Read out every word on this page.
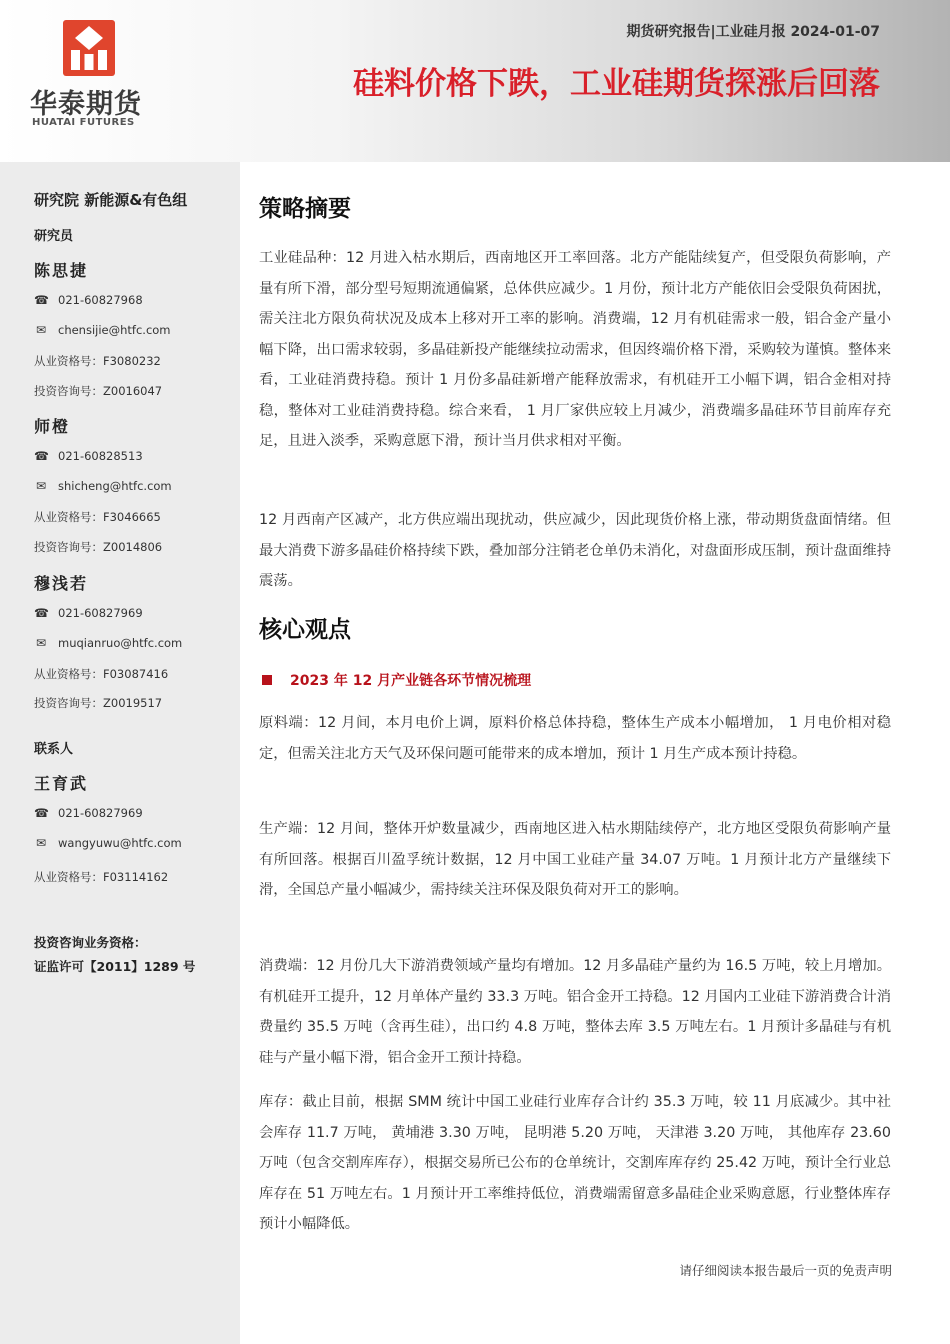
华泰期货
HUATAI FUTURES
期货研究报告|工业硅月报 2024-01-07
硅料价格下跌，工业硅期货探涨后回落
研究院 新能源&有色组
研究员
陈思捷
☎ 021-60827968
✉ chensijie@htfc.com
从业资格号：F3080232
投资咨询号：Z0016047
师橙
☎ 021-60828513
✉ shicheng@htfc.com
从业资格号：F3046665
投资咨询号：Z0014806
穆浅若
☎ 021-60827969
✉ muqianruo@htfc.com
从业资格号：F03087416
投资咨询号：Z0019517
联系人
王育武
☎ 021-60827969
✉ wangyuwu@htfc.com
从业资格号：F03114162
投资咨询业务资格：
证监许可【2011】1289 号
策略摘要

工业硅品种：12 月进入枯水期后，西南地区开工率回落。北方产能陆续复产，但受限负荷影响，产量有所下滑，部分型号短期流通偏紧，总体供应减少。1 月份，预计北方产能依旧会受限负荷困扰，需关注北方限负荷状况及成本上移对开工率的影响。消费端，12 月有机硅需求一般，铝合金产量小幅下降，出口需求较弱，多晶硅新投产能继续拉动需求，但因终端价格下滑，采购较为谨慎。整体来看，工业硅消费持稳。预计 1 月份多晶硅新增产能释放需求，有机硅开工小幅下调，铝合金相对持稳，整体对工业硅消费持稳。综合来看， 1 月厂家供应较上月减少，消费端多晶硅环节目前库存充足，且进入淡季，采购意愿下滑，预计当月供求相对平衡。

12 月西南产区减产，北方供应端出现扰动，供应减少，因此现货价格上涨，带动期货盘面情绪。但最大消费下游多晶硅价格持续下跌，叠加部分注销老仓单仍未消化，对盘面形成压制，预计盘面维持震荡。

核心观点
2023 年 12 月产业链各环节情况梳理

原料端：12 月间，本月电价上调，原料价格总体持稳，整体生产成本小幅增加， 1 月电价相对稳定，但需关注北方天气及环保问题可能带来的成本增加，预计 1 月生产成本预计持稳。

生产端：12 月间，整体开炉数量减少，西南地区进入枯水期陆续停产，北方地区受限负荷影响产量有所回落。根据百川盈孚统计数据，12 月中国工业硅产量 34.07 万吨。1 月预计北方产量继续下滑，全国总产量小幅减少，需持续关注环保及限负荷对开工的影响。

消费端：12 月份几大下游消费领域产量均有增加。12 月多晶硅产量约为 16.5 万吨，较上月增加。有机硅开工提升，12 月单体产量约 33.3 万吨。铝合金开工持稳。12 月国内工业硅下游消费合计消费量约 35.5 万吨（含再生硅），出口约 4.8 万吨，整体去库 3.5 万吨左右。1 月预计多晶硅与有机硅与产量小幅下滑，铝合金开工预计持稳。

库存：截止目前，根据 SMM 统计中国工业硅行业库存合计约 35.3 万吨，较 11 月底减少。其中社会库存 11.7 万吨， 黄埔港 3.30 万吨， 昆明港 5.20 万吨， 天津港 3.20 万吨， 其他库存 23.60 万吨（包含交割库库存），根据交易所已公布的仓单统计，交割库库存约 25.42 万吨，预计全行业总库存在 51 万吨左右。1 月预计开工率维持低位，消费端需留意多晶硅企业采购意愿，行业整体库存预计小幅降低。

请仔细阅读本报告最后一页的免责声明
